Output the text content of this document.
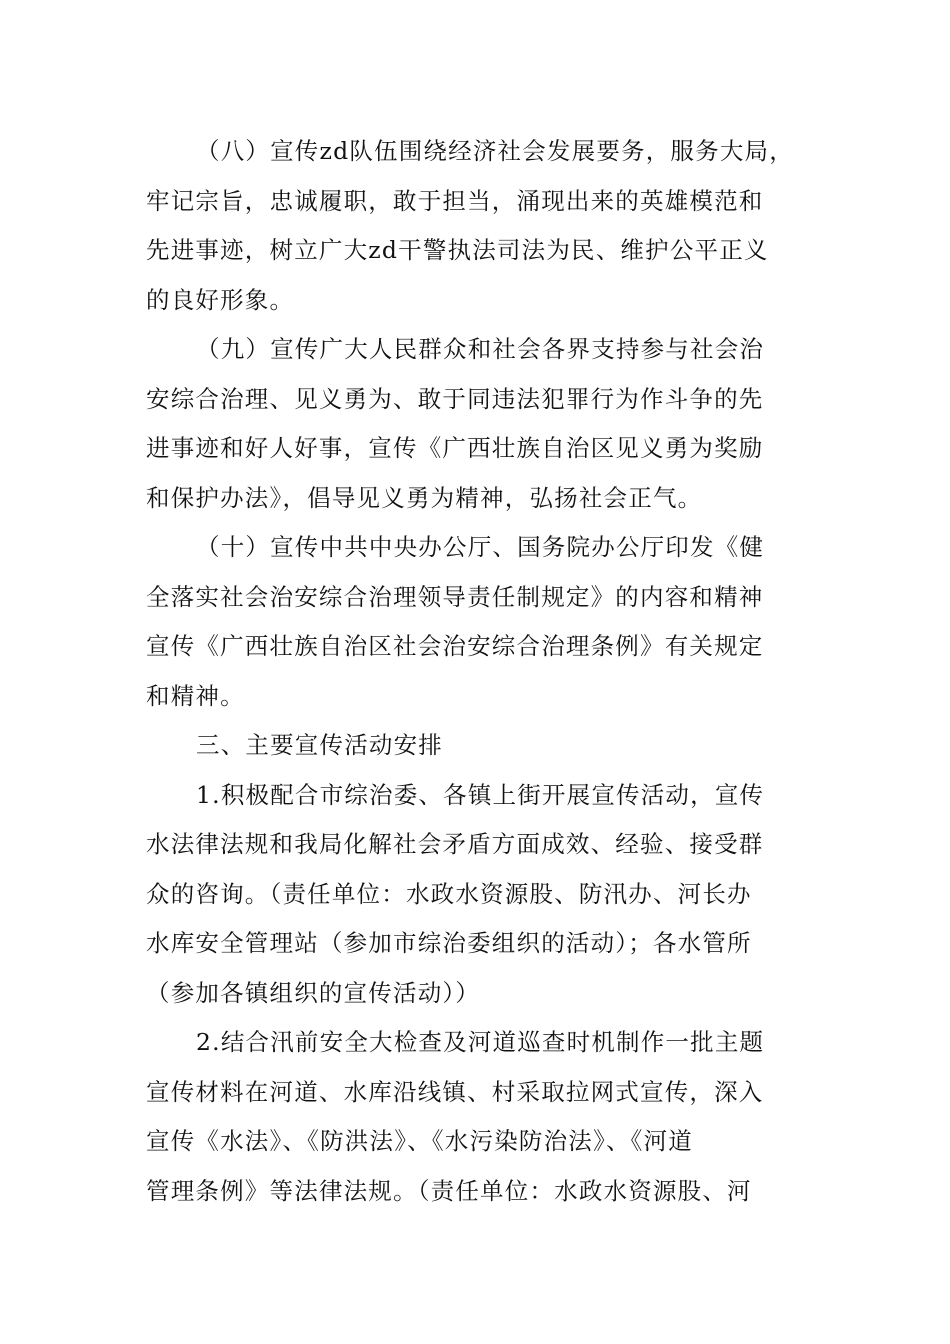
（八）宣传zd队伍围绕经济社会发展要务，服务大局，
牢记宗旨，忠诚履职，敢于担当，涌现出来的英雄模范和
先进事迹，树立广大zd干警执法司法为民、维护公平正义
的良好形象。
（九）宣传广大人民群众和社会各界支持参与社会治
安综合治理、见义勇为、敢于同违法犯罪行为作斗争的先
进事迹和好人好事，宣传《广西壮族自治区见义勇为奖励
和保护办法》，倡导见义勇为精神，弘扬社会正气。
（十）宣传中共中央办公厅、国务院办公厅印发《健
全落实社会治安综合治理领导责任制规定》的内容和精神
宣传《广西壮族自治区社会治安综合治理条例》有关规定
和精神。
三、主要宣传活动安排
1.积极配合市综治委、各镇上街开展宣传活动，宣传
水法律法规和我局化解社会矛盾方面成效、经验、接受群
众的咨询。（责任单位：水政水资源股、防汛办、河长办
水库安全管理站（参加市综治委组织的活动）；各水管所
（参加各镇组织的宣传活动））
2.结合汛前安全大检查及河道巡查时机制作一批主题
宣传材料在河道、水库沿线镇、村采取拉网式宣传，深入
宣传《水法》、《防洪法》、《水污染防治法》、《河道
管理条例》等法律法规。（责任单位：水政水资源股、河
